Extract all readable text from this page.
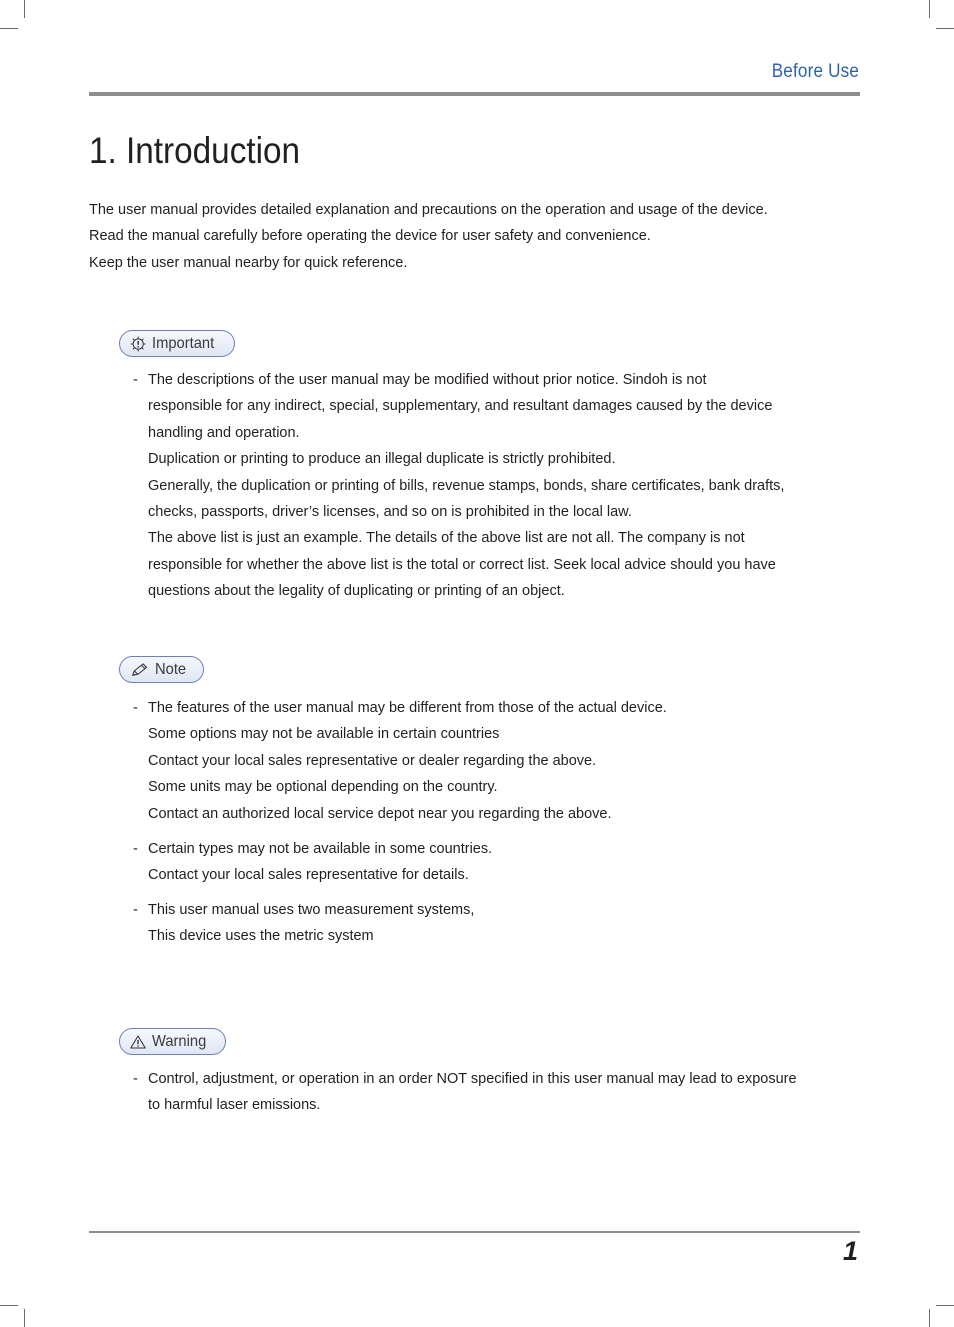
Before Use
1. Introduction
The user manual provides detailed explanation and precautions on the operation and usage of the device.
Read the manual carefully before operating the device for user safety and convenience.
Keep the user manual nearby for quick reference.
Important
- The descriptions of the user manual may be modified without prior notice. Sindoh is not
responsible for any indirect, special, supplementary, and resultant damages caused by the device
handling and operation.
Duplication or printing to produce an illegal duplicate is strictly prohibited.
Generally, the duplication or printing of bills, revenue stamps, bonds, share certificates, bank drafts,
checks, passports, driver’s licenses, and so on is prohibited in the local law.
The above list is just an example. The details of the above list are not all. The company is not
responsible for whether the above list is the total or correct list. Seek local advice should you have
questions about the legality of duplicating or printing of an object.
Note
- The features of the user manual may be different from those of the actual device.
Some options may not be available in certain countries
Contact your local sales representative or dealer regarding the above.
Some units may be optional depending on the country.
Contact an authorized local service depot near you regarding the above.
- Certain types may not be available in some countries.
Contact your local sales representative for details.
- This user manual uses two measurement systems,
This device uses the metric system
Warning
- Control, adjustment, or operation in an order NOT specified in this user manual may lead to exposure
to harmful laser emissions.
1
